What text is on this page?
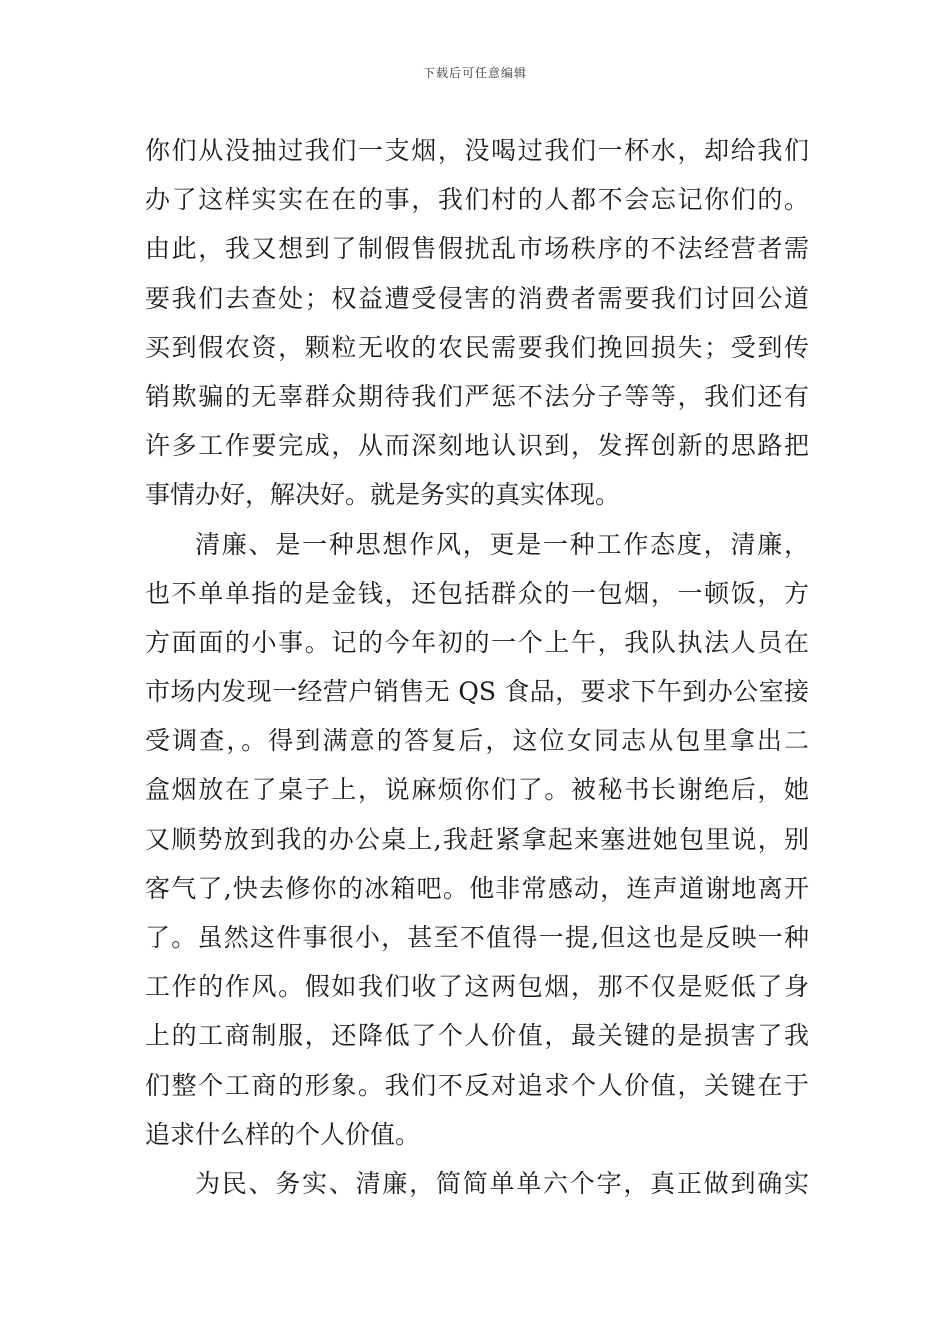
下载后可任意编辑
你们从没抽过我们一支烟，没喝过我们一杯水，却给我们
办了这样实实在在的事，我们村的人都不会忘记你们的。
由此，我又想到了制假售假扰乱市场秩序的不法经营者需
要我们去查处；权益遭受侵害的消费者需要我们讨回公道
买到假农资，颗粒无收的农民需要我们挽回损失；受到传
销欺骗的无辜群众期待我们严惩不法分子等等，我们还有
许多工作要完成，从而深刻地认识到，发挥创新的思路把
事情办好，解决好。就是务实的真实体现。
清廉、是一种思想作风，更是一种工作态度，清廉，
也不单单指的是金钱，还包括群众的一包烟，一顿饭，方
方面面的小事。记的今年初的一个上午，我队执法人员在
市场内发现一经营户销售无 QS 食品，要求下午到办公室接
受调查，。得到满意的答复后，这位女同志从包里拿出二
盒烟放在了桌子上，说麻烦你们了。被秘书长谢绝后，她
又顺势放到我的办公桌上,我赶紧拿起来塞进她包里说，别
客气了,快去修你的冰箱吧。他非常感动，连声道谢地离开
了。虽然这件事很小，甚至不值得一提,但这也是反映一种
工作的作风。假如我们收了这两包烟，那不仅是贬低了身
上的工商制服，还降低了个人价值，最关键的是损害了我
们整个工商的形象。我们不反对追求个人价值，关键在于
追求什么样的个人价值。
为民、务实、清廉，简简单单六个字，真正做到确实
